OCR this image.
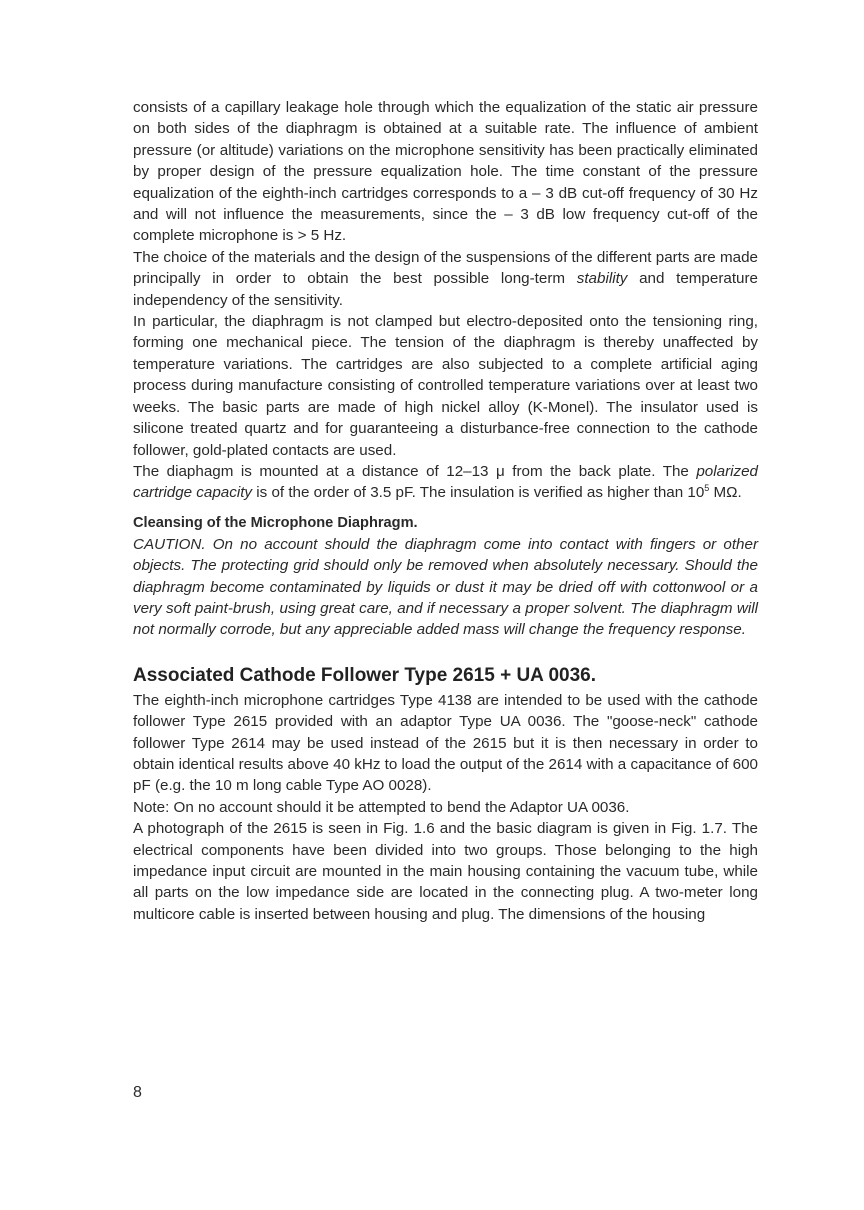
consists of a capillary leakage hole through which the equalization of the static air pressure on both sides of the diaphragm is obtained at a suitable rate. The influence of ambient pressure (or altitude) variations on the microphone sensitivity has been practically eliminated by proper design of the pressure equalization hole. The time constant of the pressure equalization of the eighth-inch cartridges corresponds to a – 3 dB cut-off frequency of 30 Hz and will not influence the measurements, since the – 3 dB low frequency cut-off of the complete microphone is > 5 Hz.

The choice of the materials and the design of the suspensions of the different parts are made principally in order to obtain the best possible long-term stability and temperature independency of the sensitivity.

In particular, the diaphragm is not clamped but electro-deposited onto the tensioning ring, forming one mechanical piece. The tension of the diaphragm is thereby unaffected by temperature variations. The cartridges are also subjected to a complete artificial aging process during manufacture consisting of controlled temperature variations over at least two weeks. The basic parts are made of high nickel alloy (K-Monel). The insulator used is silicone treated quartz and for guaranteeing a disturbance-free connection to the cathode follower, gold-plated contacts are used.

The diaphagm is mounted at a distance of 12–13 μ from the back plate. The polarized cartridge capacity is of the order of 3.5 pF. The insulation is verified as higher than $10^5$ MΩ.

Cleansing of the Microphone Diaphragm.

CAUTION. On no account should the diaphragm come into contact with fingers or other objects. The protecting grid should only be removed when absolutely necessary. Should the diaphragm become contaminated by liquids or dust it may be dried off with cottonwool or a very soft paint-brush, using great care, and if necessary a proper solvent. The diaphragm will not normally corrode, but any appreciable added mass will change the frequency response.

Associated Cathode Follower Type 2615 + UA 0036.

The eighth-inch microphone cartridges Type 4138 are intended to be used with the cathode follower Type 2615 provided with an adaptor Type UA 0036. The "goose-neck" cathode follower Type 2614 may be used instead of the 2615 but it is then necessary in order to obtain identical results above 40 kHz to load the output of the 2614 with a capacitance of 600 pF (e.g. the 10 m long cable Type AO 0028).

Note: On no account should it be attempted to bend the Adaptor UA 0036.

A photograph of the 2615 is seen in Fig. 1.6 and the basic diagram is given in Fig. 1.7. The electrical components have been divided into two groups. Those belonging to the high impedance input circuit are mounted in the main housing containing the vacuum tube, while all parts on the low impedance side are located in the connecting plug. A two-meter long multicore cable is inserted between housing and plug. The dimensions of the housing

8
